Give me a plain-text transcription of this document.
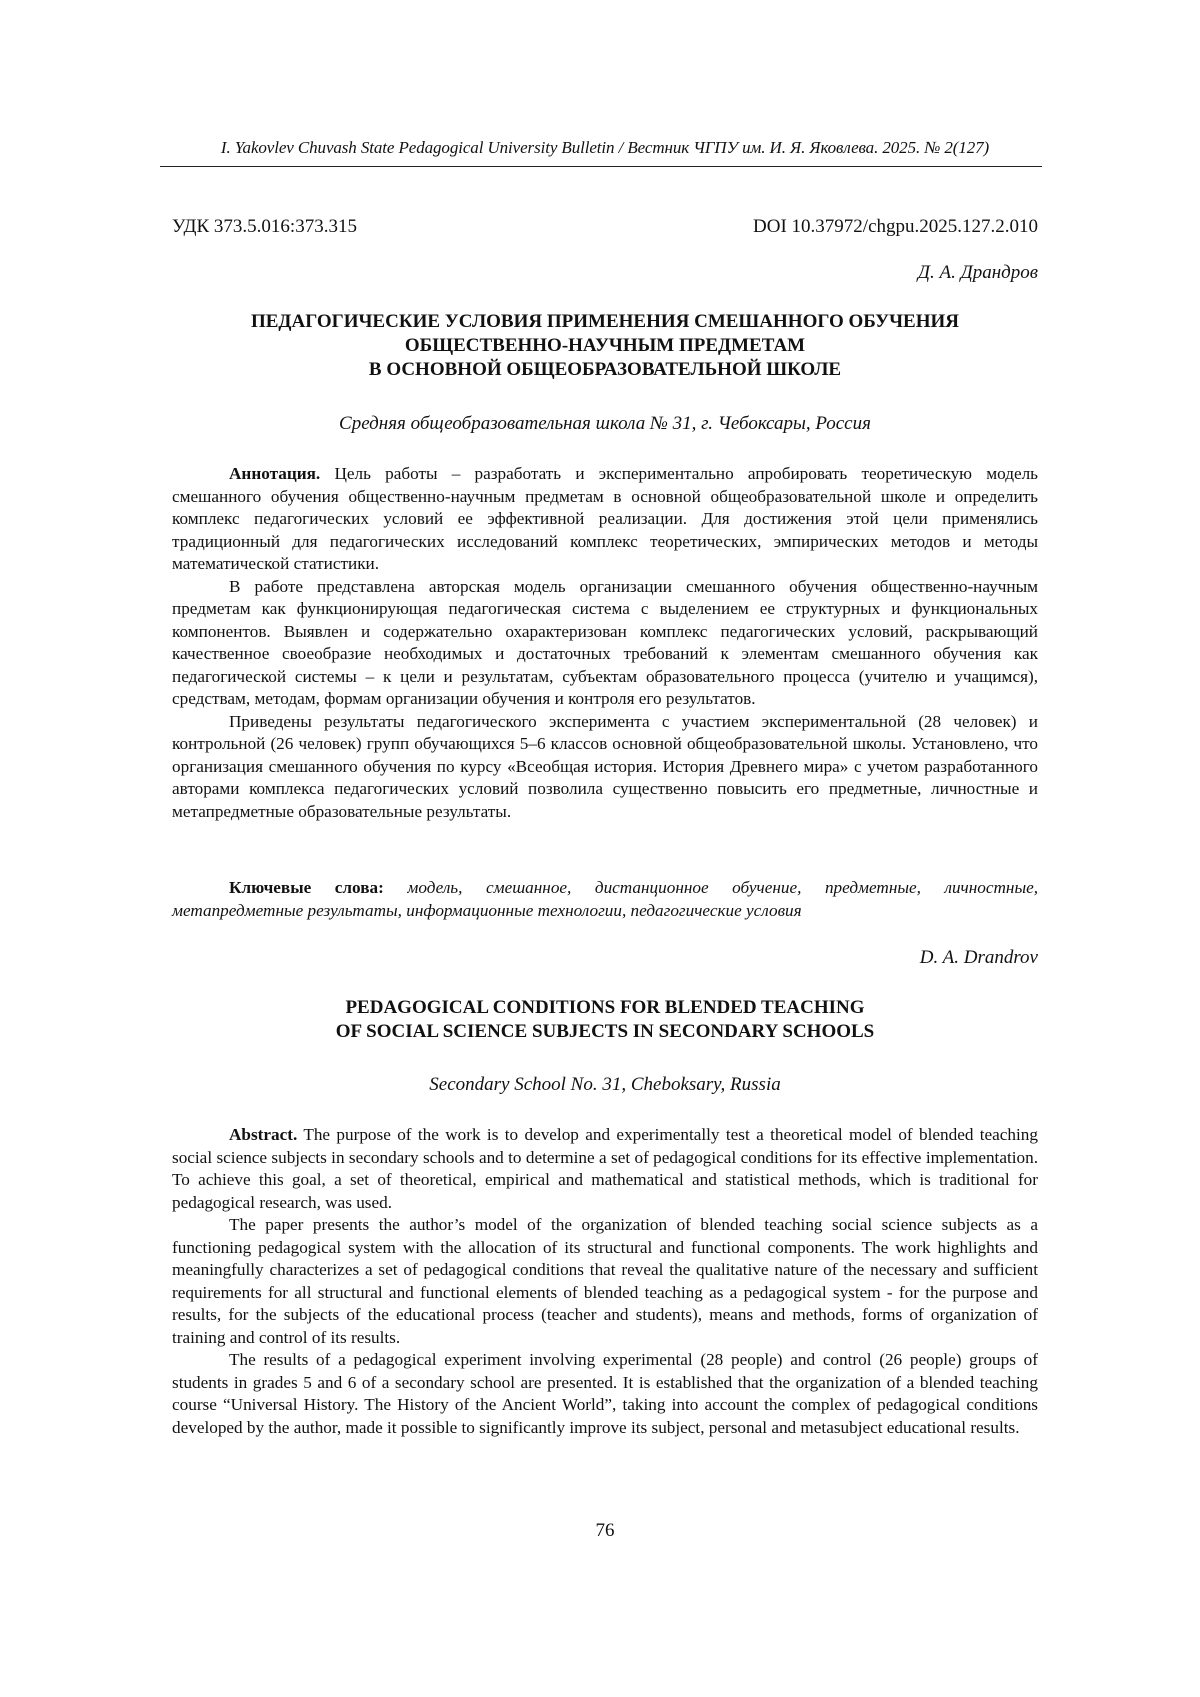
I. Yakovlev Chuvash State Pedagogical University Bulletin / Вестник ЧГПУ им. И. Я. Яковлева. 2025. № 2(127)
УДК 373.5.016:373.315	DOI 10.37972/chgpu.2025.127.2.010
Д. А. Драндров
ПЕДАГОГИЧЕСКИЕ УСЛОВИЯ ПРИМЕНЕНИЯ СМЕШАННОГО ОБУЧЕНИЯ
ОБЩЕСТВЕННО-НАУЧНЫМ ПРЕДМЕТАМ
В ОСНОВНОЙ ОБЩЕОБРАЗОВАТЕЛЬНОЙ ШКОЛЕ
Средняя общеобразовательная школа № 31, г. Чебоксары, Россия

Аннотация. Цель работы – разработать и экспериментально апробировать теоретическую модель смешанного обучения общественно-научным предметам в основной общеобразовательной школе и определить комплекс педагогических условий ее эффективной реализации. Для достижения этой цели применялись традиционный для педагогических исследований комплекс теоретических, эмпирических методов и методы математической статистики.

В работе представлена авторская модель организации смешанного обучения общественно-научным предметам как функционирующая педагогическая система с выделением ее структурных и функциональных компонентов. Выявлен и содержательно охарактеризован комплекс педагогических условий, раскрывающий качественное своеобразие необходимых и достаточных требований к элементам смешанного обучения как педагогической системы – к цели и результатам, субъектам образовательного процесса (учителю и учащимся), средствам, методам, формам организации обучения и контроля его результатов.

Приведены результаты педагогического эксперимента с участием экспериментальной (28 человек) и контрольной (26 человек) групп обучающихся 5–6 классов основной общеобразовательной школы. Установлено, что организация смешанного обучения по курсу «Всеобщая история. История Древнего мира» с учетом разработанного авторами комплекса педагогических условий позволила существенно повысить его предметные, личностные и метапредметные образовательные результаты.

Ключевые слова: модель, смешанное, дистанционное обучение, предметные, личностные, метапредметные результаты, информационные технологии, педагогические условия

D. A. Drandrov
PEDAGOGICAL CONDITIONS FOR BLENDED TEACHING
OF SOCIAL SCIENCE SUBJECTS IN SECONDARY SCHOOLS
Secondary School No. 31, Cheboksary, Russia

Abstract. The purpose of the work is to develop and experimentally test a theoretical model of blended teaching social science subjects in secondary schools and to determine a set of pedagogical conditions for its effective implementation. To achieve this goal, a set of theoretical, empirical and mathematical and statistical methods, which is traditional for pedagogical research, was used.

The paper presents the author’s model of the organization of blended teaching social science subjects as a functioning pedagogical system with the allocation of its structural and functional components. The work highlights and meaningfully characterizes a set of pedagogical conditions that reveal the qualitative nature of the necessary and sufficient requirements for all structural and functional elements of blended teaching as a pedagogical system - for the purpose and results, for the subjects of the educational process (teacher and students), means and methods, forms of organization of training and control of its results.

The results of a pedagogical experiment involving experimental (28 people) and control (26 people) groups of students in grades 5 and 6 of a secondary school are presented. It is established that the organization of a blended teaching course “Universal History. The History of the Ancient World”, taking into account the complex of pedagogical conditions developed by the author, made it possible to significantly improve its subject, personal and metasubject educational results.

76
